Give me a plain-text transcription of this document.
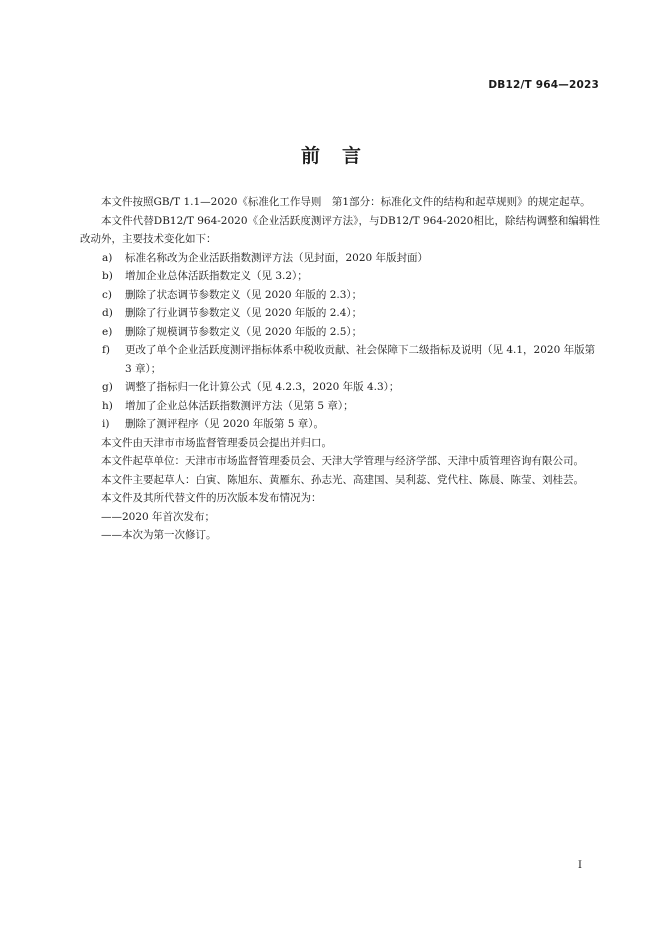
DB12/T 964—2023
前言
本文件按照GB/T 1.1—2020《标准化工作导则　第1部分：标准化文件的结构和起草规则》的规定起草。
本文件代替DB12/T 964-2020《企业活跃度测评方法》，与DB12/T 964-2020相比，除结构调整和编辑性改动外，主要技术变化如下：
a) 标准名称改为企业活跃指数测评方法（见封面，2020 年版封面）
b) 增加企业总体活跃指数定义（见 3.2）；
c) 删除了状态调节参数定义（见 2020 年版的 2.3）；
d) 删除了行业调节参数定义（见 2020 年版的 2.4）；
e) 删除了规模调节参数定义（见 2020 年版的 2.5）；
f) 更改了单个企业活跃度测评指标体系中税收贡献、社会保障下二级指标及说明（见 4.1，2020 年版第 3 章）；
g) 调整了指标归一化计算公式（见 4.2.3，2020 年版 4.3）；
h) 增加了企业总体活跃指数测评方法（见第 5 章）；
i) 删除了测评程序（见 2020 年版第 5 章）。
本文件由天津市市场监督管理委员会提出并归口。
本文件起草单位：天津市市场监督管理委员会、天津大学管理与经济学部、天津中质管理咨询有限公司。
本文件主要起草人：白寅、陈旭东、黄雁东、孙志光、高建国、吴利蕊、党代柱、陈晨、陈莹、刘桂芸。
本文件及其所代替文件的历次版本发布情况为：
——2020 年首次发布；
——本次为第一次修订。
I
